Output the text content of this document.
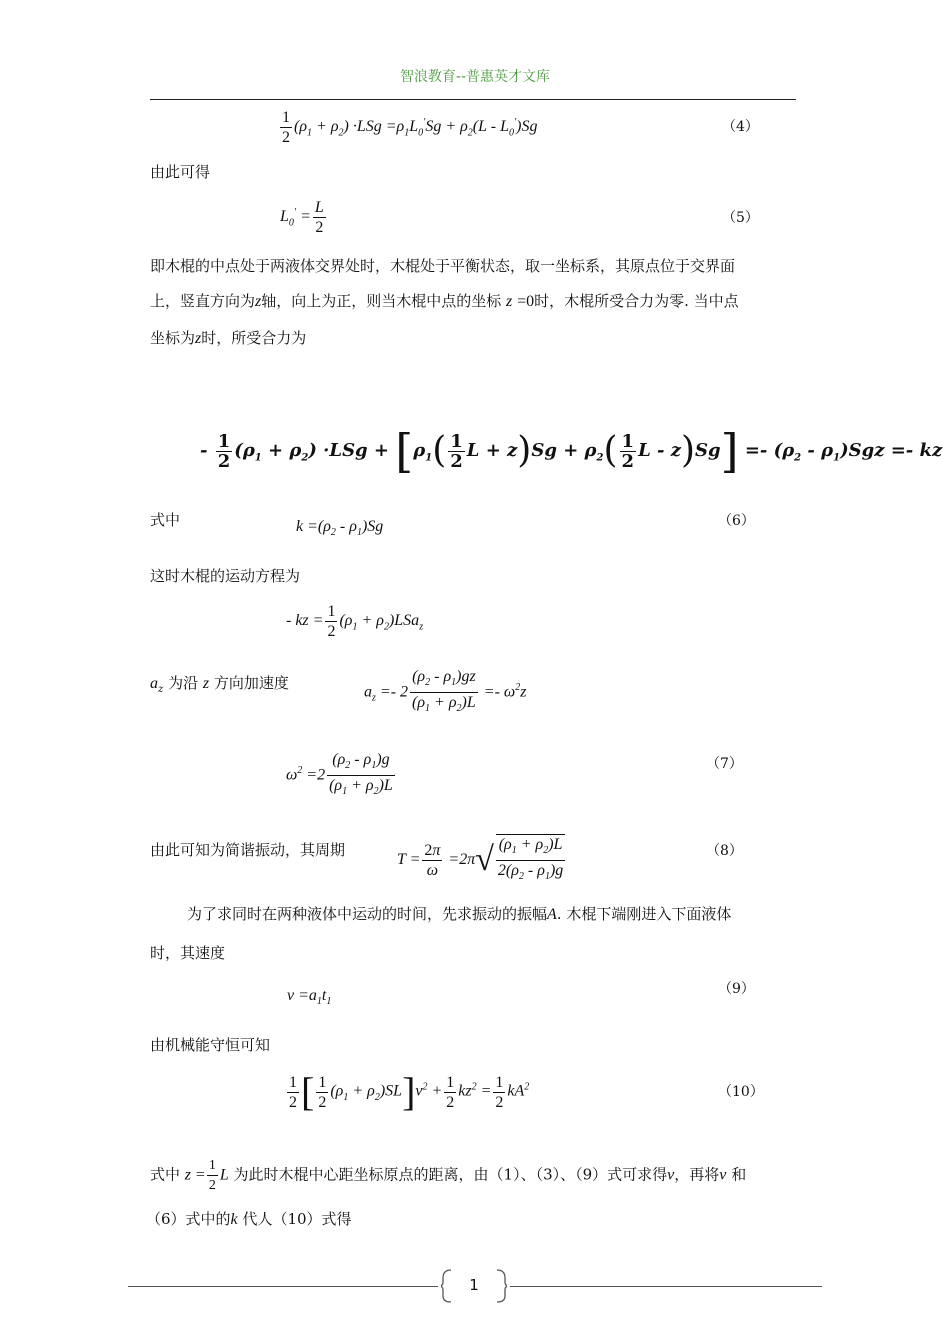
智浪教育--普惠英才文库
$\frac{1}{2} (\rho_1 + \rho_2) \cdot LSg =\rho_1L_0'Sg + \rho_2(L - L_0')Sg$	（4）
由此可得
$L_0' = \frac{L}{2}$	（5）
即木棍的中点处于两液体交界处时，木棍处于平衡状态，取一坐标系，其原点位于交界面
上，竖直方向为z轴，向上为正，则当木棍中点的坐标 z =0时，木棍所受合力为零. 当中点
坐标为z时，所受合力为
- $\frac{1}{2} (\rho_1 + \rho_2) \cdot LSg + [\rho_1( \frac{1}{2}$ $L + z)Sg + \rho_2( \frac{1}{2}$ $L - z)Sg] =- (\rho_2 - \rho_1)Sgz$ =- kz
式中	$k =(\rho_2 - \rho_1)Sg$	（6）
这时木棍的运动方程为
- kz = $\frac{1}{2} (\rho_1 + \rho_2)LSa_z$
$a_z$ 为沿 z 方向加速度	$a_z =- 2 \frac{(\rho_2 - \rho_1)gz}{(\rho_1 + \rho_2)L} =- \omega^2z$
$\omega^2 =2 \frac{(\rho_2 - \rho_1)g}{(\rho_1 + \rho_2)L}$	（7）
由此可知为简谐振动，其周期
$T = \frac{2\pi}{\omega} =2\pi√ \frac{(\rho_1 + \rho_2)L}{2(\rho_2 - \rho_1)g}$	（8）
为了求同时在两种液体中运动的时间，先求振动的振幅A. 木棍下端刚进入下面液体
时，其速度
$v =a_1t_1$
（9）
由机械能守恒可知
$\frac{1}{2}$ [ $\frac{1}{2} (\rho_1 + \rho_2)SL]v^2 + \frac{1}{2} kz^2 = \frac{1}{2} kA^2$	（10）
式中 $z = \frac{1}{2}$ L 为此时木棍中心距坐标原点的距离，由（1）、（3）、（9）式可求得v，再将v 和
（6）式中的k 代人（10）式得
1
